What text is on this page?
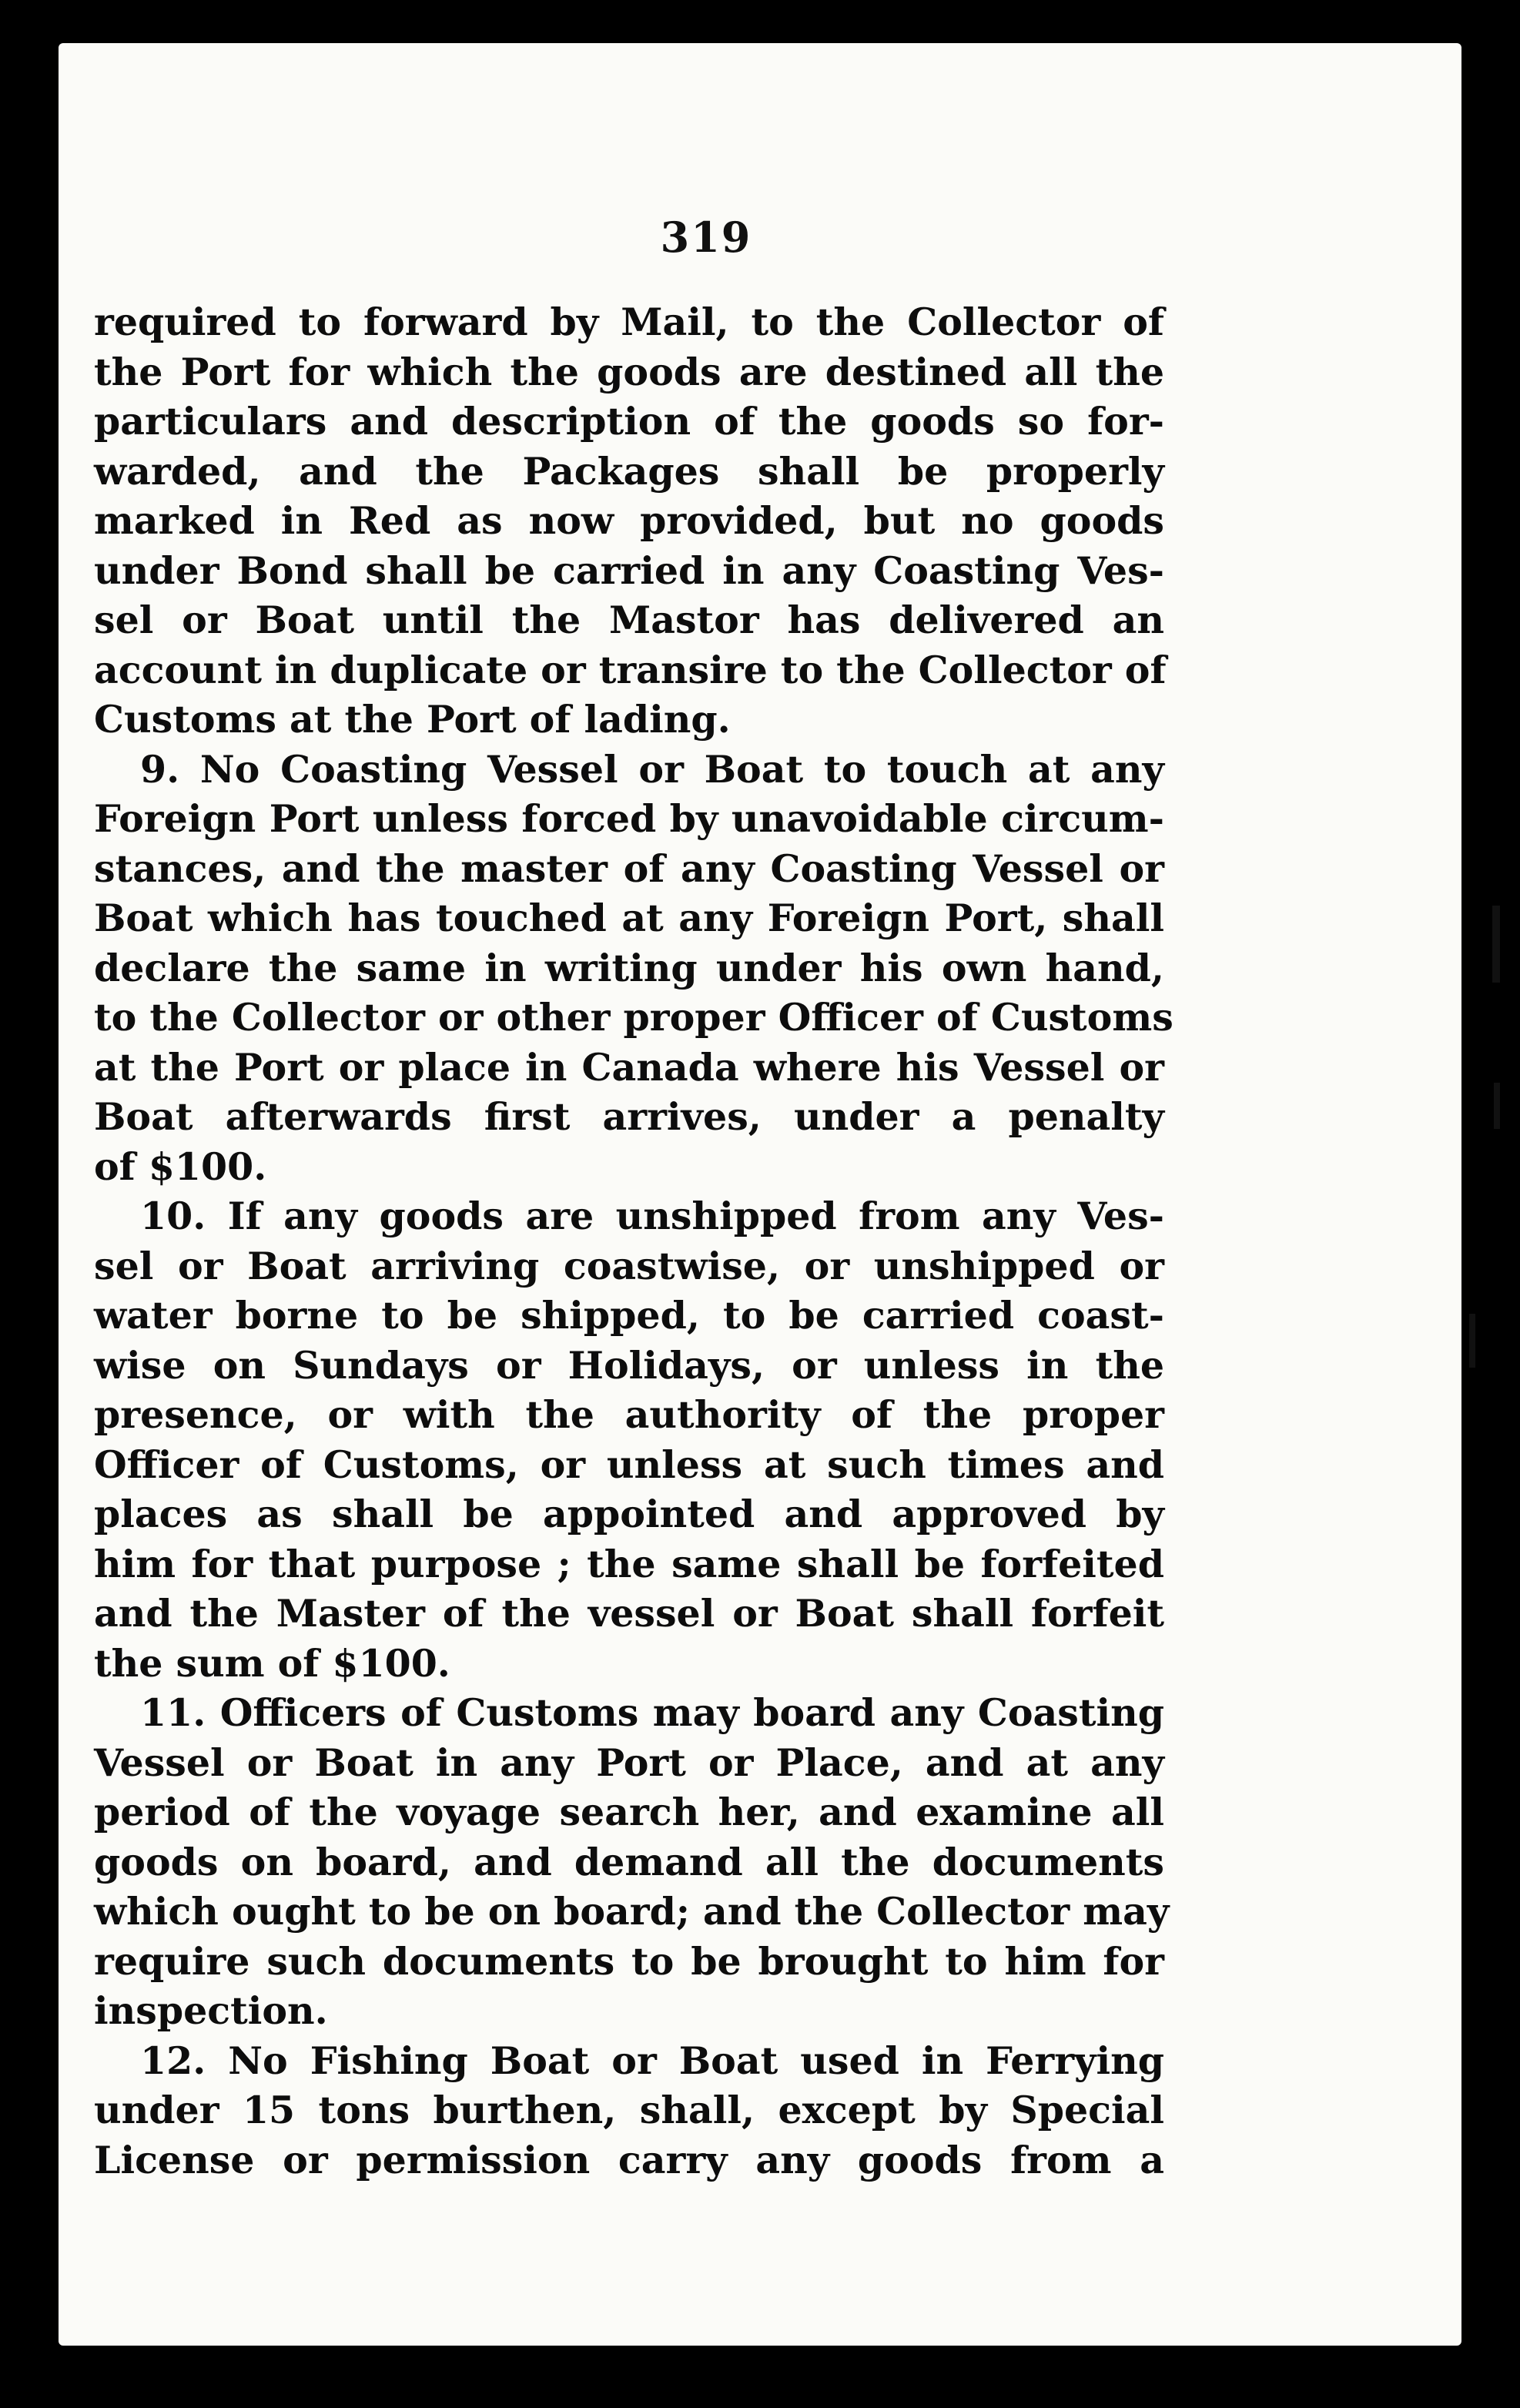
319
required to forward by Mail, to the Collector of
the Port for which the goods are destined all the
particulars and description of the goods so for-
warded, and the Packages shall be properly
marked in Red as now provided, but no goods
under Bond shall be carried in any Coasting Ves-
sel or Boat until the Mastor has delivered an
account in duplicate or transire to the Collector of
Customs at the Port of lading.
9. No Coasting Vessel or Boat to touch at any
Foreign Port unless forced by unavoidable circum-
stances, and the master of any Coasting Vessel or
Boat which has touched at any Foreign Port, shall
declare the same in writing under his own hand,
to the Collector or other proper Officer of Customs
at the Port or place in Canada where his Vessel or
Boat afterwards first arrives, under a penalty
of $100.
10. If any goods are unshipped from any Ves-
sel or Boat arriving coastwise, or unshipped or
water borne to be shipped, to be carried coast-
wise on Sundays or Holidays, or unless in the
presence, or with the authority of the proper
Officer of Customs, or unless at such times and
places as shall be appointed and approved by
him for that purpose ; the same shall be forfeited
and the Master of the vessel or Boat shall forfeit
the sum of $100.
11. Officers of Customs may board any Coasting
Vessel or Boat in any Port or Place, and at any
period of the voyage search her, and examine all
goods on board, and demand all the documents
which ought to be on board; and the Collector may
require such documents to be brought to him for
inspection.
12. No Fishing Boat or Boat used in Ferrying
under 15 tons burthen, shall, except by Special
License or permission carry any goods from a
